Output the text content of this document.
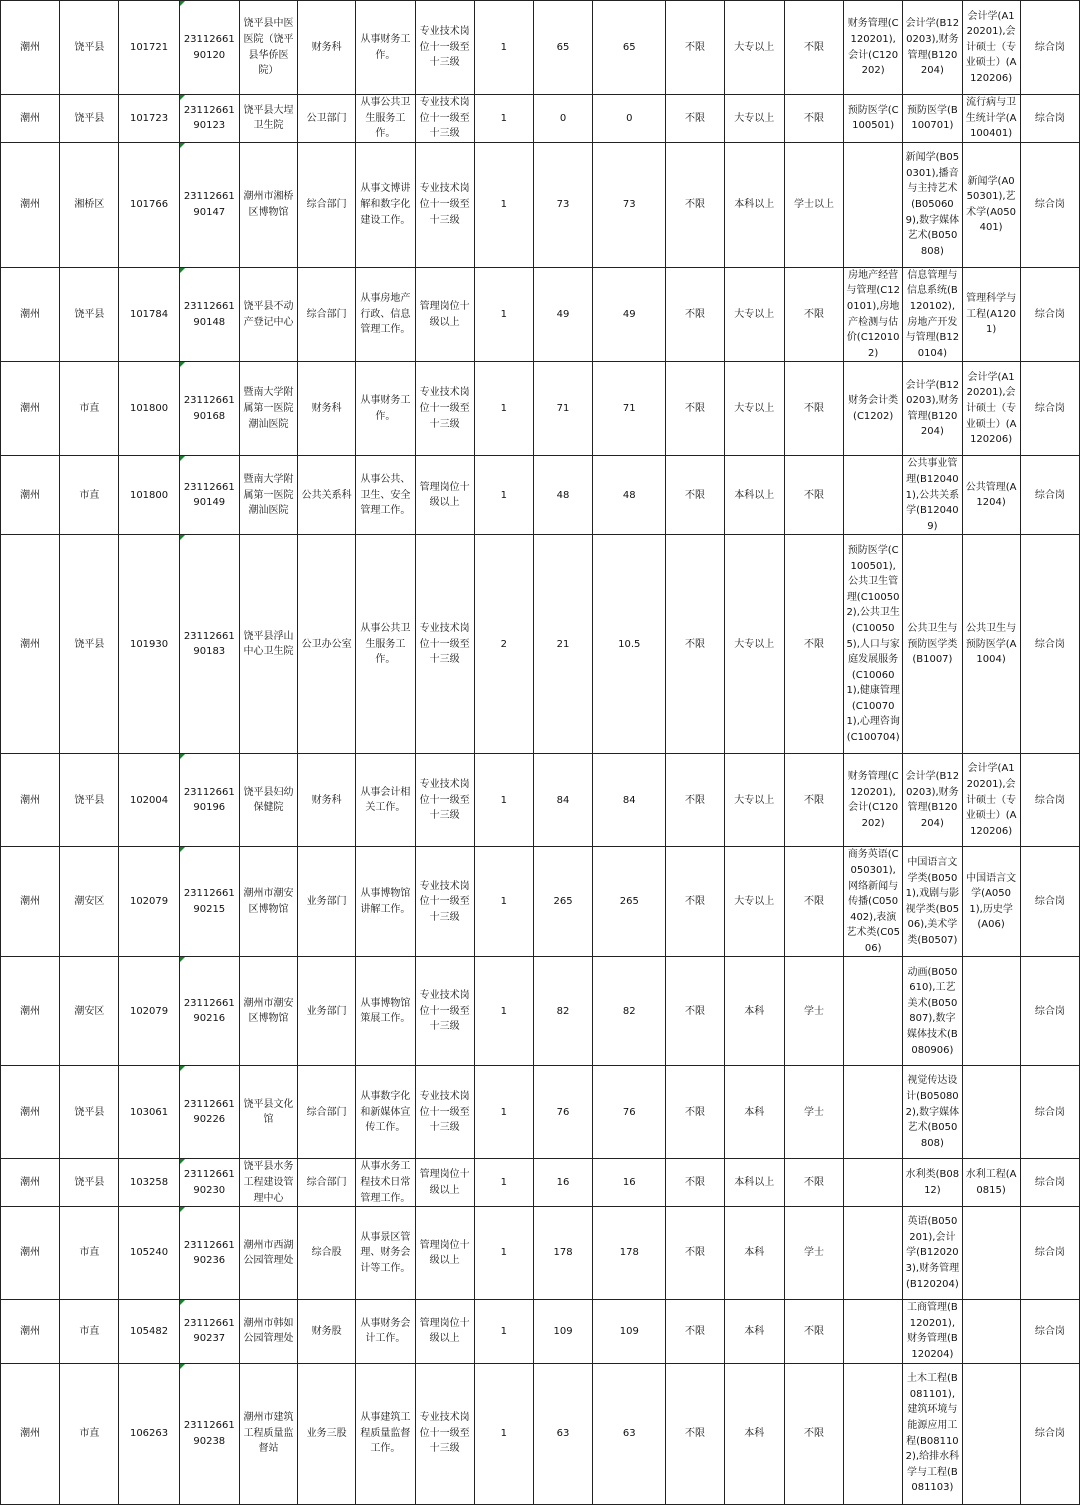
潮州	饶平县	101721	23112661 90120	饶平县中医医院（饶平县华侨医院）	财务科	从事财务工作。	专业技术岗位十一级至十三级	1	65	65	不限	大专以上	不限	财务管理(C120201),会计(C120202)	会计学(B120203),财务管理(B120204)	会计学(A120201),会计硕士（专业硕士）(A120206)	综合岗
潮州	饶平县	101723	23112661 90123	饶平县大埕卫生院	公卫部门	从事公共卫生服务工作。	专业技术岗位十一级至十三级	1	0	0	不限	大专以上	不限	预防医学(C100501)	预防医学(B100701)	流行病与卫生统计学(A100401)	综合岗
潮州	湘桥区	101766	23112661 90147	潮州市湘桥区博物馆	综合部门	从事文博讲解和数字化建设工作。	专业技术岗位十一级至十三级	1	73	73	不限	本科以上	学士以上		新闻学(B050301),播音与主持艺术(B050609),数字媒体艺术(B050808)	新闻学(A050301),艺术学(A050401)	综合岗
潮州	饶平县	101784	23112661 90148	饶平县不动产登记中心	综合部门	从事房地产行政、信息管理工作。	管理岗位十级以上	1	49	49	不限	大专以上	不限	房地产经营与管理(C120101),房地产检测与估价(C120102)	信息管理与信息系统(B120102),房地产开发与管理(B120104)	管理科学与工程(A1201)	综合岗
潮州	市直	101800	23112661 90168	暨南大学附属第一医院潮汕医院	财务科	从事财务工作。	专业技术岗位十一级至十三级	1	71	71	不限	大专以上	不限	财务会计类(C1202)	会计学(B120203),财务管理(B120204)	会计学(A120201),会计硕士（专业硕士）(A120206)	综合岗
潮州	市直	101800	23112661 90149	暨南大学附属第一医院潮汕医院	公共关系科	从事公共、卫生、安全管理工作。	管理岗位十级以上	1	48	48	不限	本科以上	不限		公共事业管理(B120401),公共关系学(B120409)	公共管理(A1204)	综合岗
潮州	饶平县	101930	23112661 90183	饶平县浮山中心卫生院	公卫办公室	从事公共卫生服务工作。	专业技术岗位十一级至十三级	2	21	10.5	不限	大专以上	不限	预防医学(C100501),公共卫生管理(C100502),公共卫生(C100505),人口与家庭发展服务(C100601),健康管理(C100701),心理咨询(C100704)	公共卫生与预防医学类(B1007)	公共卫生与预防医学(A1004)	综合岗
潮州	饶平县	102004	23112661 90196	饶平县妇幼保健院	财务科	从事会计相关工作。	专业技术岗位十一级至十三级	1	84	84	不限	大专以上	不限	财务管理(C120201),会计(C120202)	会计学(B120203),财务管理(B120204)	会计学(A120201),会计硕士（专业硕士）(A120206)	综合岗
潮州	潮安区	102079	23112661 90215	潮州市潮安区博物馆	业务部门	从事博物馆讲解工作。	专业技术岗位十一级至十三级	1	265	265	不限	大专以上	不限	商务英语(C050301),网络新闻与传播(C050402),表演艺术类(C0506)	中国语言文学类(B0501),戏剧与影视学类(B0506),美术学类(B0507)	中国语言文学(A0501),历史学(A06)	综合岗
潮州	潮安区	102079	23112661 90216	潮州市潮安区博物馆	业务部门	从事博物馆策展工作。	专业技术岗位十一级至十三级	1	82	82	不限	本科	学士		动画(B050610),工艺美术(B050807),数字媒体技术(B080906)		综合岗
潮州	饶平县	103061	23112661 90226	饶平县文化馆	综合部门	从事数字化和新媒体宣传工作。	专业技术岗位十一级至十三级	1	76	76	不限	本科	学士		视觉传达设计(B050802),数字媒体艺术(B050808)		综合岗
潮州	饶平县	103258	23112661 90230	饶平县水务工程建设管理中心	综合部门	从事水务工程技术日常管理工作。	管理岗位十级以上	1	16	16	不限	本科以上	不限		水利类(B0812)	水利工程(A0815)	综合岗
潮州	市直	105240	23112661 90236	潮州市西湖公园管理处	综合股	从事景区管理、财务会计等工作。	管理岗位十级以上	1	178	178	不限	本科	学士		英语(B050201),会计学(B120203),财务管理(B120204)		综合岗
潮州	市直	105482	23112661 90237	潮州市韩如公园管理处	财务股	从事财务会计工作。	管理岗位十级以上	1	109	109	不限	本科	不限		工商管理(B120201),财务管理(B120204)		综合岗
潮州	市直	106263	23112661 90238	潮州市建筑工程质量监督站	业务三股	从事建筑工程质量监督工作。	专业技术岗位十一级至十三级	1	63	63	不限	本科	不限		土木工程(B081101),建筑环境与能源应用工程(B081102),给排水科学与工程(B081103)		综合岗
